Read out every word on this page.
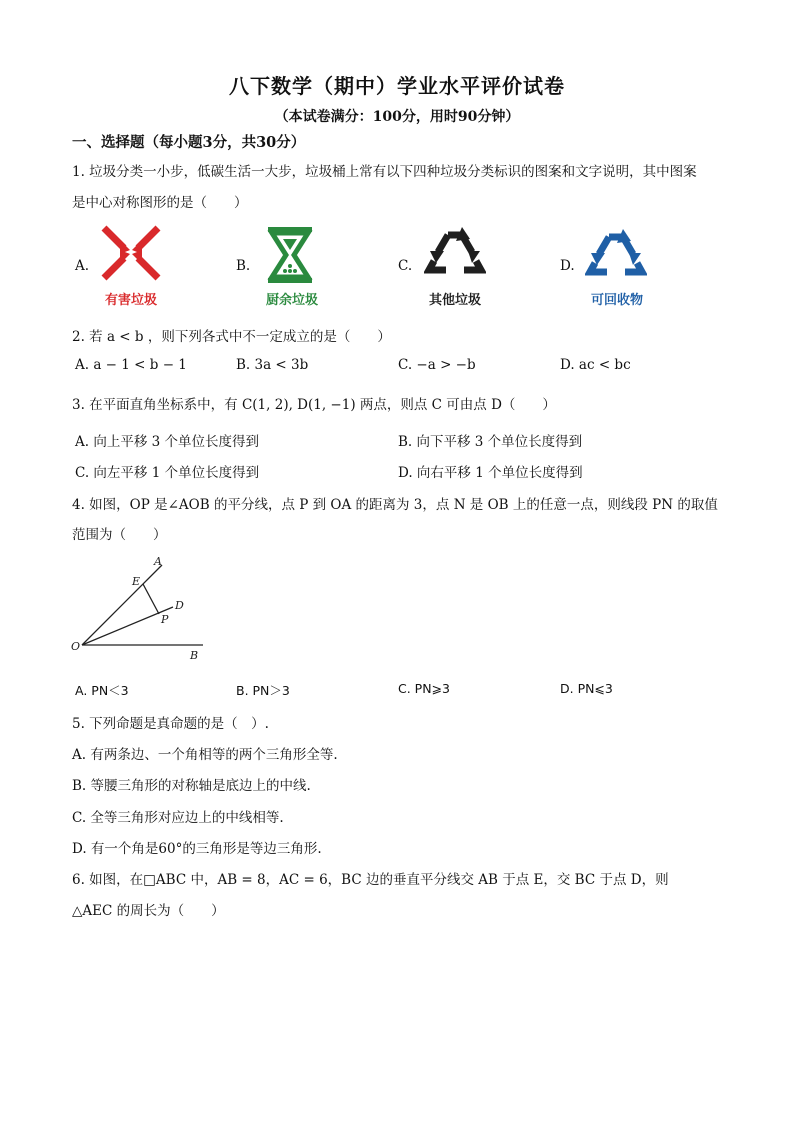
八下数学（期中）学业水平评价试卷
（本试卷满分：100分，用时90分钟）
一、选择题（每小题3分，共30分）
1. 垃圾分类一小步，低碳生活一大步，垃圾桶上常有以下四种垃圾分类标识的图案和文字说明，其中图案
是中心对称图形的是（　　）
A.
有害垃圾
B.
厨余垃圾
C.
其他垃圾
D.
可回收物
2. 若 a < b ，则下列各式中不一定成立的是（　　）
A. a − 1 < b − 1	B. 3a < 3b	C. −a > −b	D. ac < bc
3. 在平面直角坐标系中，有 C(1, 2), D(1, −1) 两点，则点 C 可由点 D（　　）
A. 向上平移 3 个单位长度得到	B. 向下平移 3 个单位长度得到
C. 向左平移 1 个单位长度得到	D. 向右平移 1 个单位长度得到
4. 如图，OP 是∠AOB 的平分线，点 P 到 OA 的距离为 3，点 N 是 OB 上的任意一点，则线段 PN 的取值
范围为（　　）
A
E
D
P
O
B
A. PN＜3	B. PN＞3	C. PN⩾3	D. PN⩽3
5. 下列命题是真命题的是（　）.
A. 有两条边、一个角相等的两个三角形全等.
B. 等腰三角形的对称轴是底边上的中线.
C. 全等三角形对应边上的中线相等.
D. 有一个角是60°的三角形是等边三角形.
6. 如图，在□ABC 中，AB = 8，AC = 6，BC 边的垂直平分线交 AB 于点 E，交 BC 于点 D，则
△AEC 的周长为（　　）
